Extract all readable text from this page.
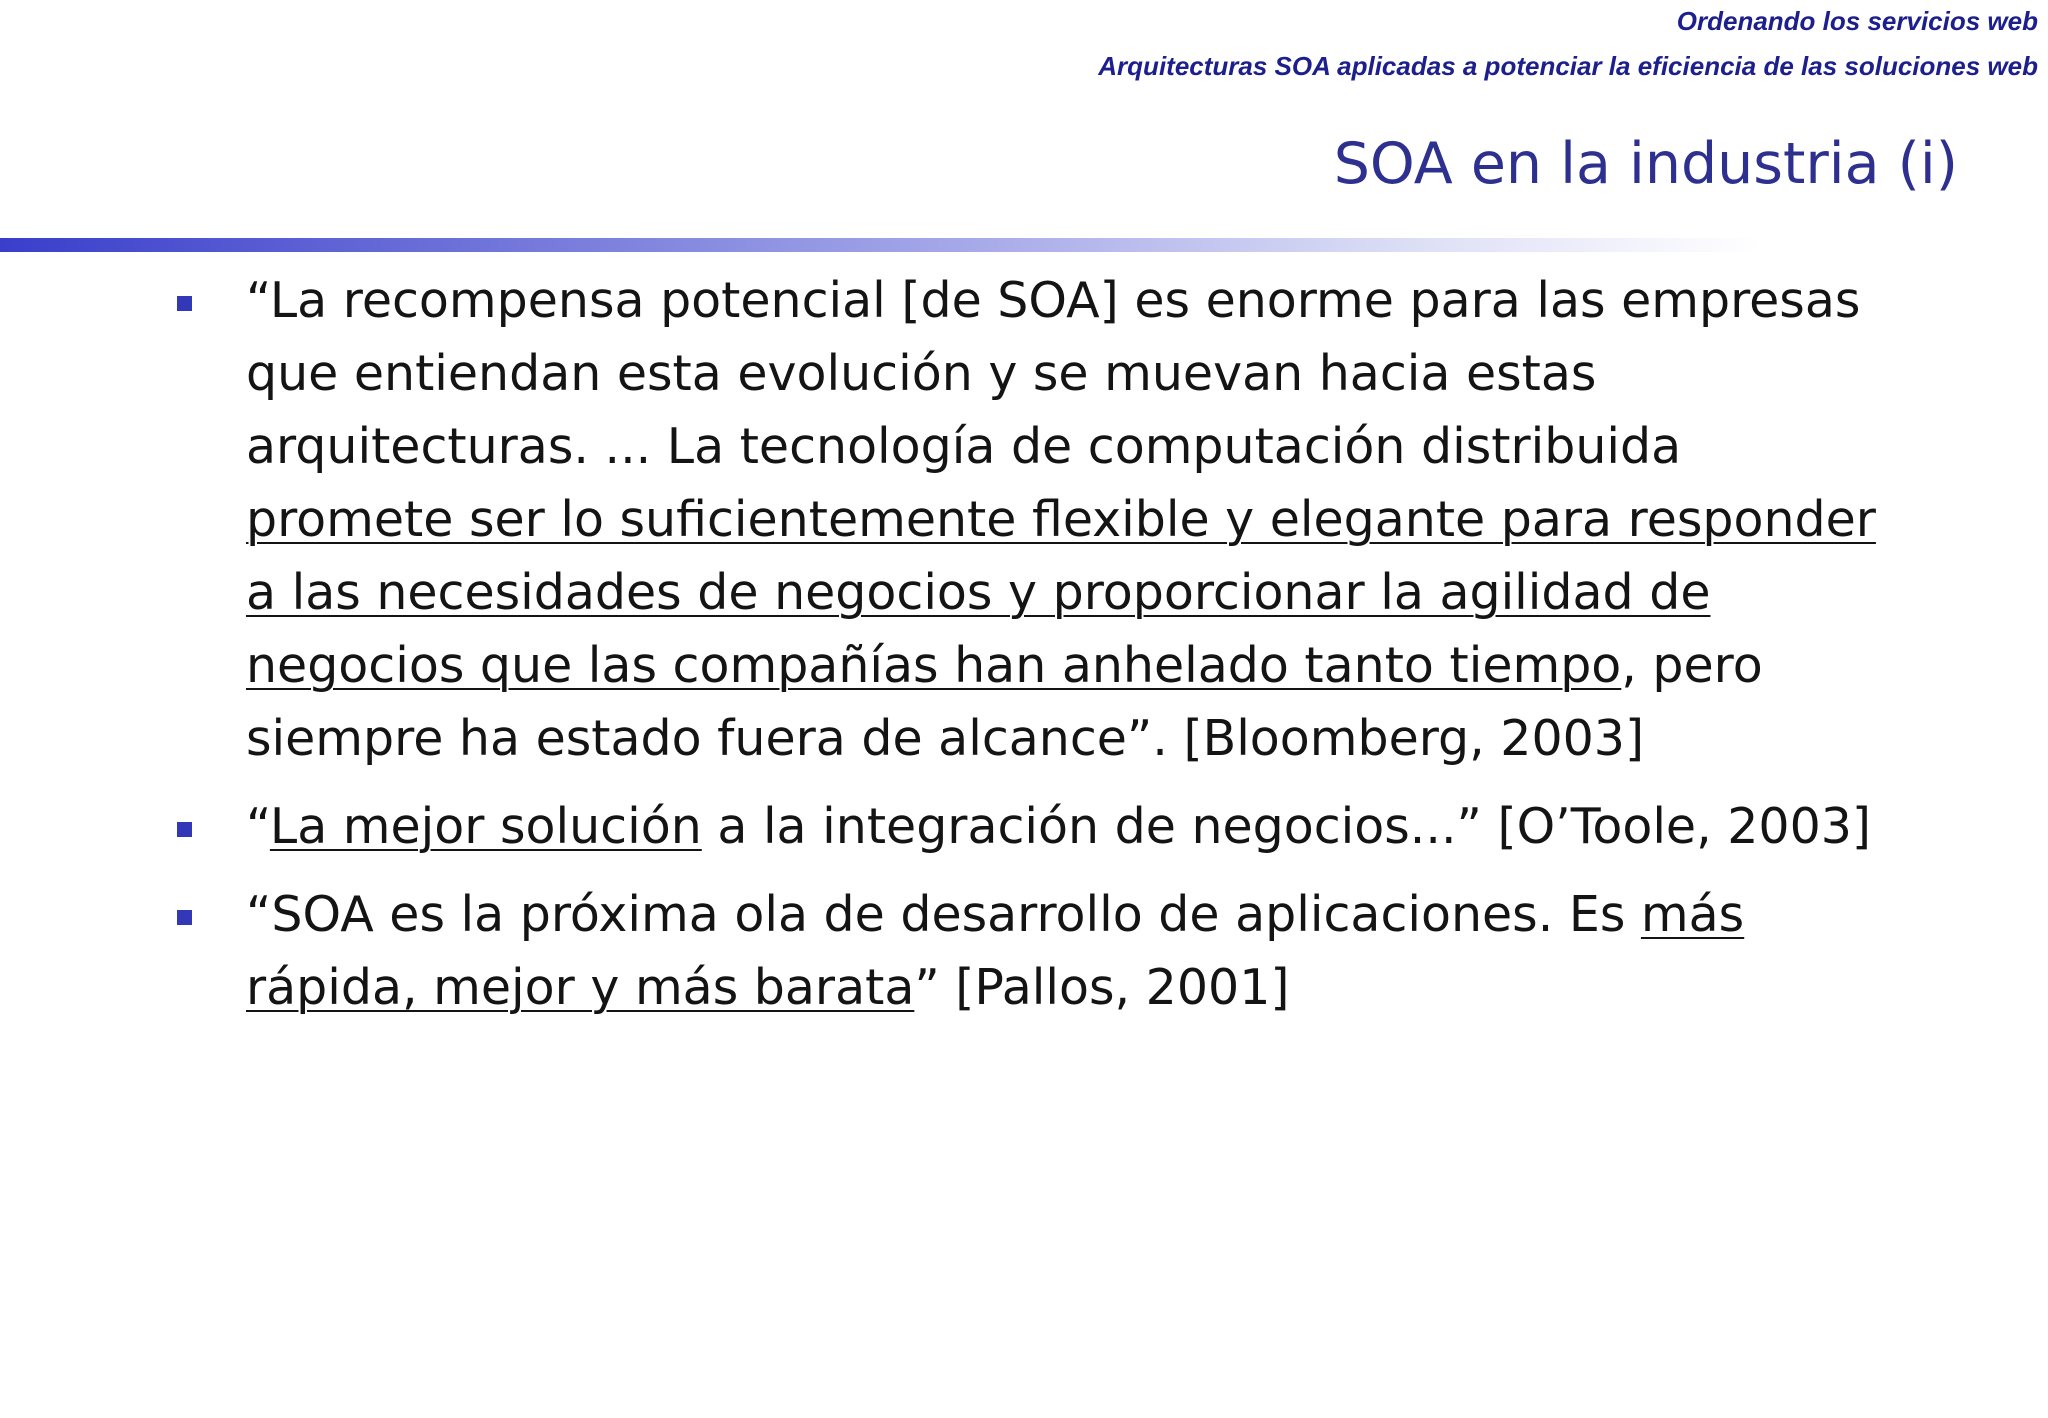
Ordenando los servicios web
Arquitecturas SOA aplicadas a potenciar la eficiencia de las soluciones web
SOA en la industria (i)
“La recompensa potencial [de SOA] es enorme para las empresas que entiendan esta evolución y se muevan hacia estas arquitecturas. ... La tecnología de computación distribuida promete ser lo suficientemente flexible y elegante para responder a las necesidades de negocios y proporcionar la agilidad de negocios que las compañías han anhelado tanto tiempo, pero siempre ha estado fuera de alcance”. [Bloomberg, 2003]
“La mejor solución a la integración de negocios...” [O’Toole, 2003]
“SOA es la próxima ola de desarrollo de aplicaciones. Es más rápida, mejor y más barata” [Pallos, 2001]
